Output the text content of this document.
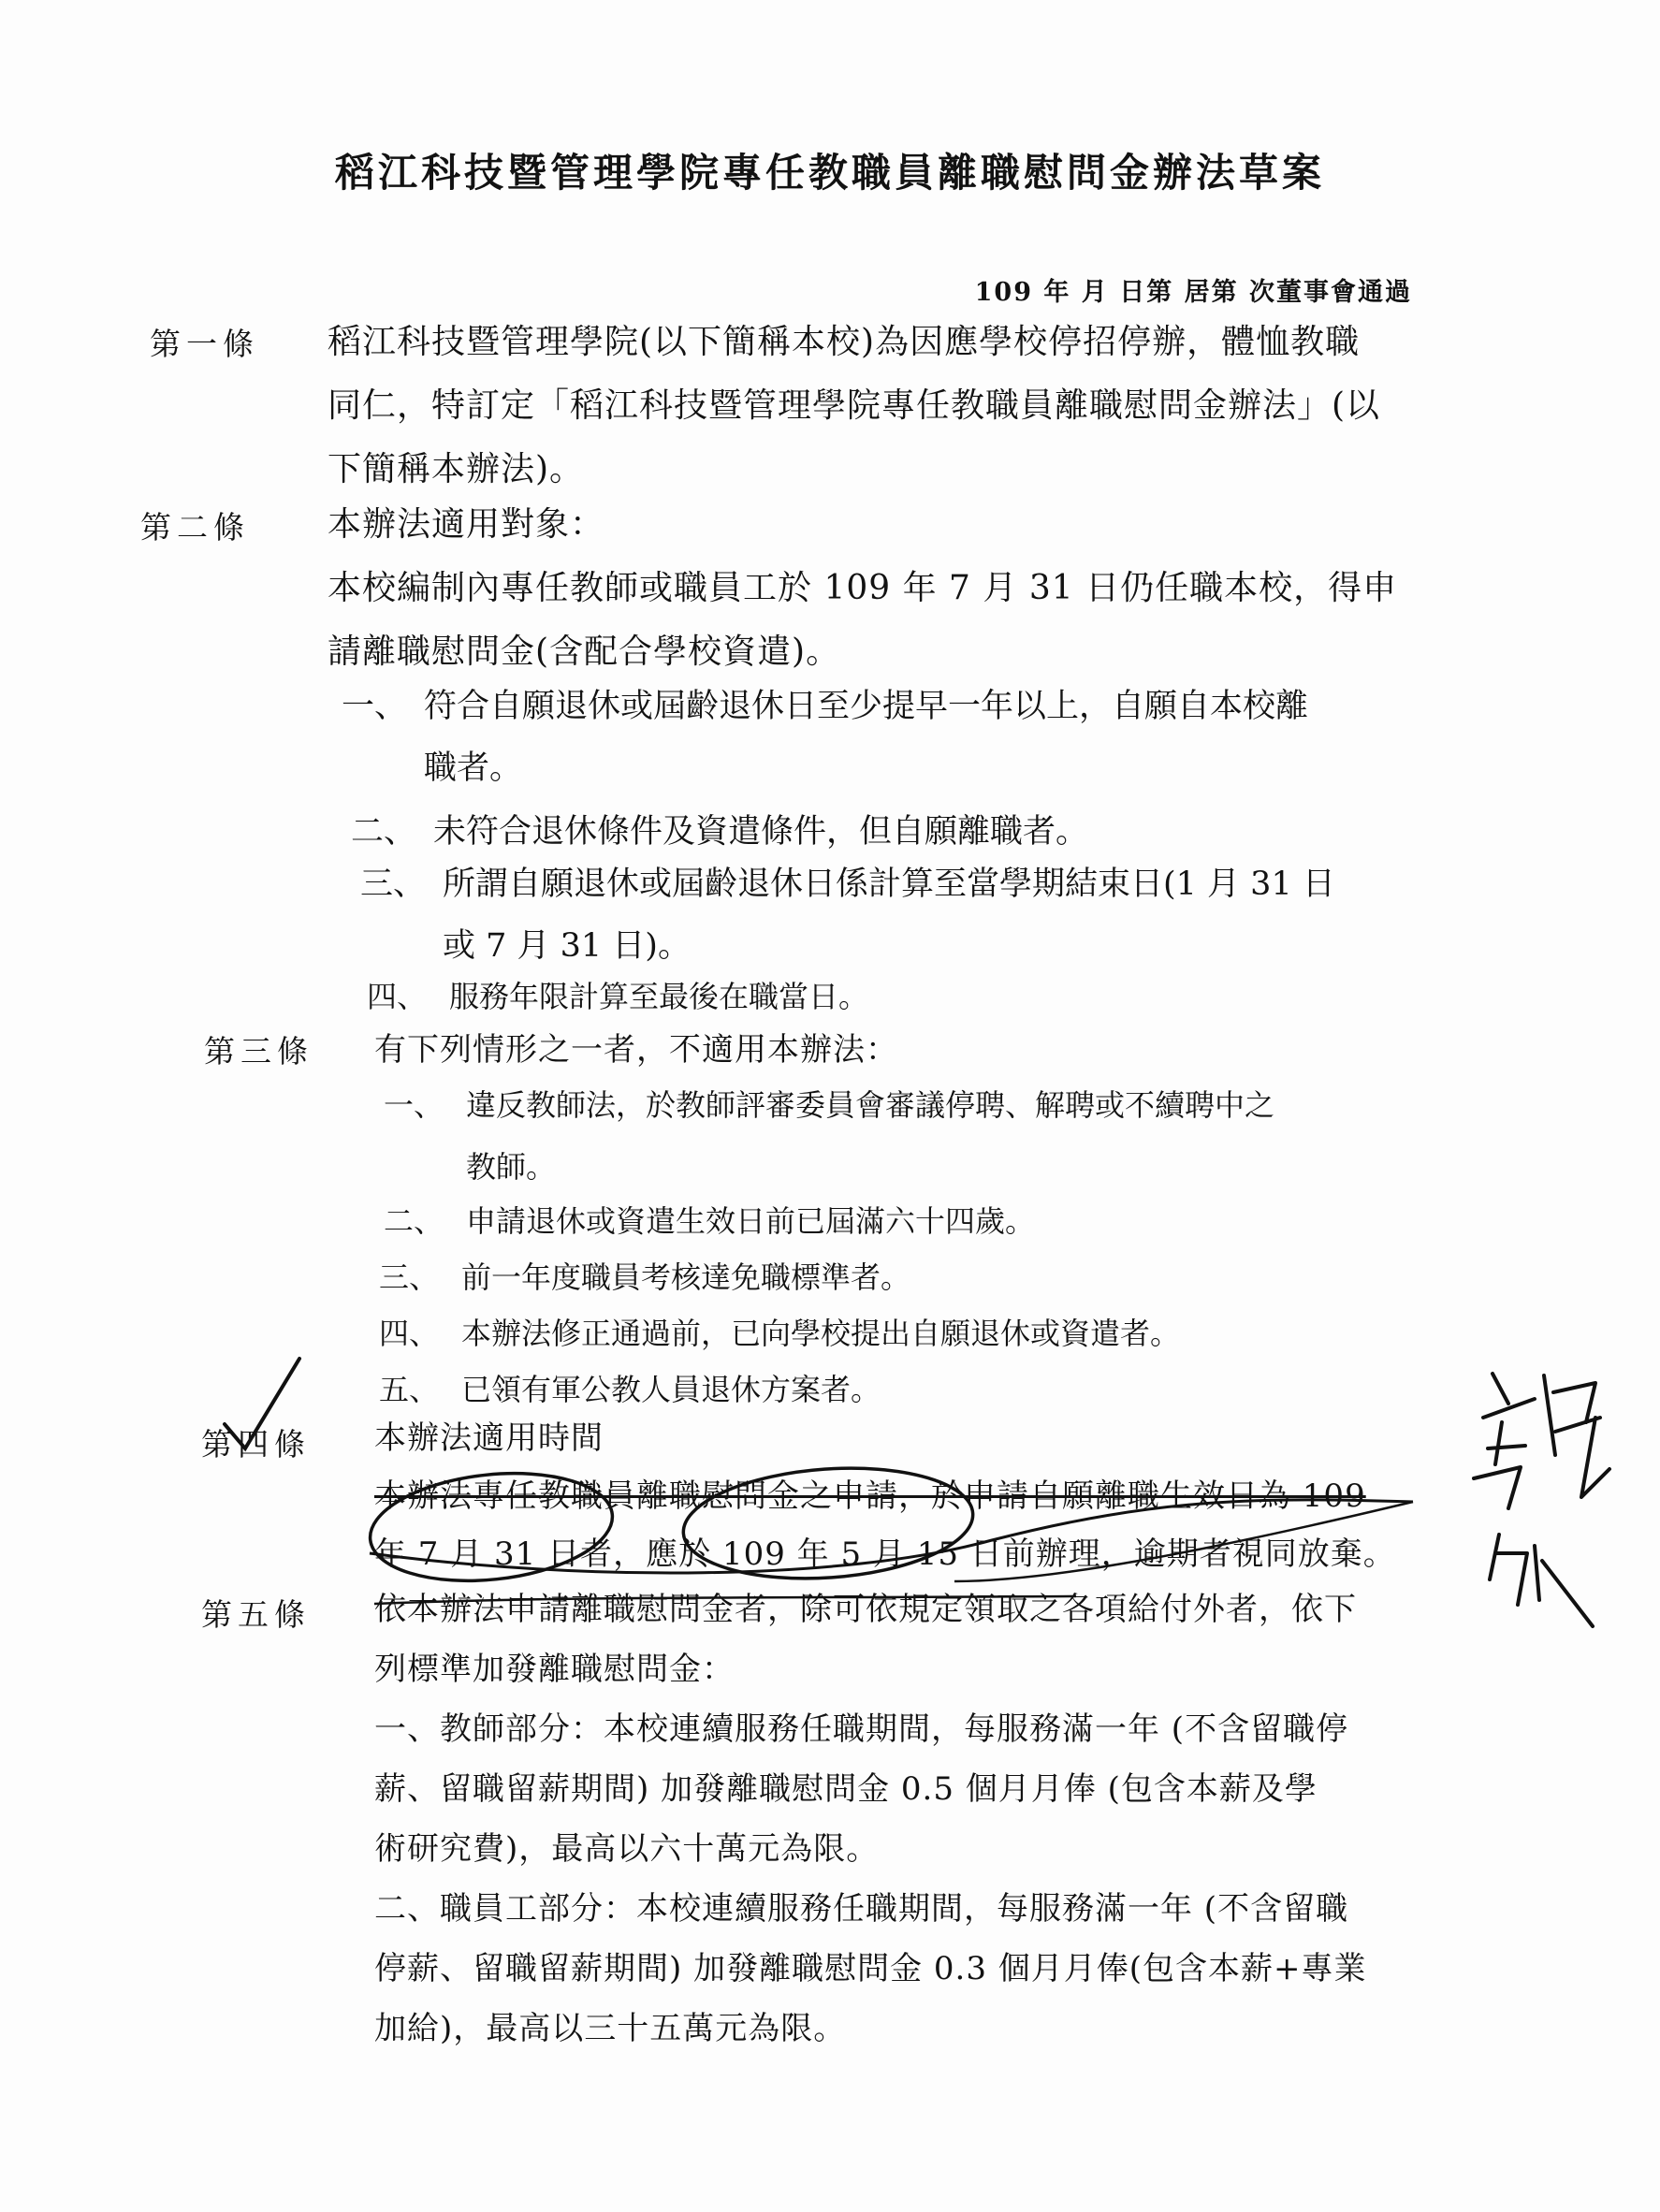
稻江科技暨管理學院專任教職員離職慰問金辦法草案
109 年 月 日第 居第 次董事會通過
第一條 稻江科技暨管理學院(以下簡稱本校)為因應學校停招停辦，體恤教職

同仁，特訂定「稻江科技暨管理學院專任教職員離職慰問金辦法」(以

下簡稱本辦法)。

第二條 本辦法適用對象：

本校編制內專任教師或職員工於 109 年 7 月 31 日仍任職本校，得申

請離職慰問金(含配合學校資遣)。

一、 符合自願退休或屆齡退休日至少提早一年以上，自願自本校離
職者。
二、 未符合退休條件及資遣條件，但自願離職者。
三、 所謂自願退休或屆齡退休日係計算至當學期結束日(1 月 31 日
或 7 月 31 日)。
四、 服務年限計算至最後在職當日。
第三條 有下列情形之一者，不適用本辦法：

一、 違反教師法，於教師評審委員會審議停聘、解聘或不續聘中之
教師。
二、 申請退休或資遣生效日前已屆滿六十四歲。
三、 前一年度職員考核達免職標準者。
四、 本辦法修正通過前，已向學校提出自願退休或資遣者。
五、 已領有軍公教人員退休方案者。
第四條 本辦法適用時間

本辦法專任教職員離職慰問金之申請，於申請自願離職生效日為 109

年 7 月 31 日者，應於 109 年 5 月 15 日前辦理，逾期者視同放棄。

第五條 依本辦法申請離職慰問金者，除可依規定領取之各項給付外者，依下

列標準加發離職慰問金：

一、教師部分：本校連續服務任職期間，每服務滿一年 (不含留職停

薪、留職留薪期間) 加發離職慰問金 0.5 個月月俸 (包含本薪及學

術研究費)，最高以六十萬元為限。

二、職員工部分：本校連續服務任職期間，每服務滿一年 (不含留職

停薪、留職留薪期間) 加發離職慰問金 0.3 個月月俸(包含本薪+專業

加給)，最高以三十五萬元為限。
